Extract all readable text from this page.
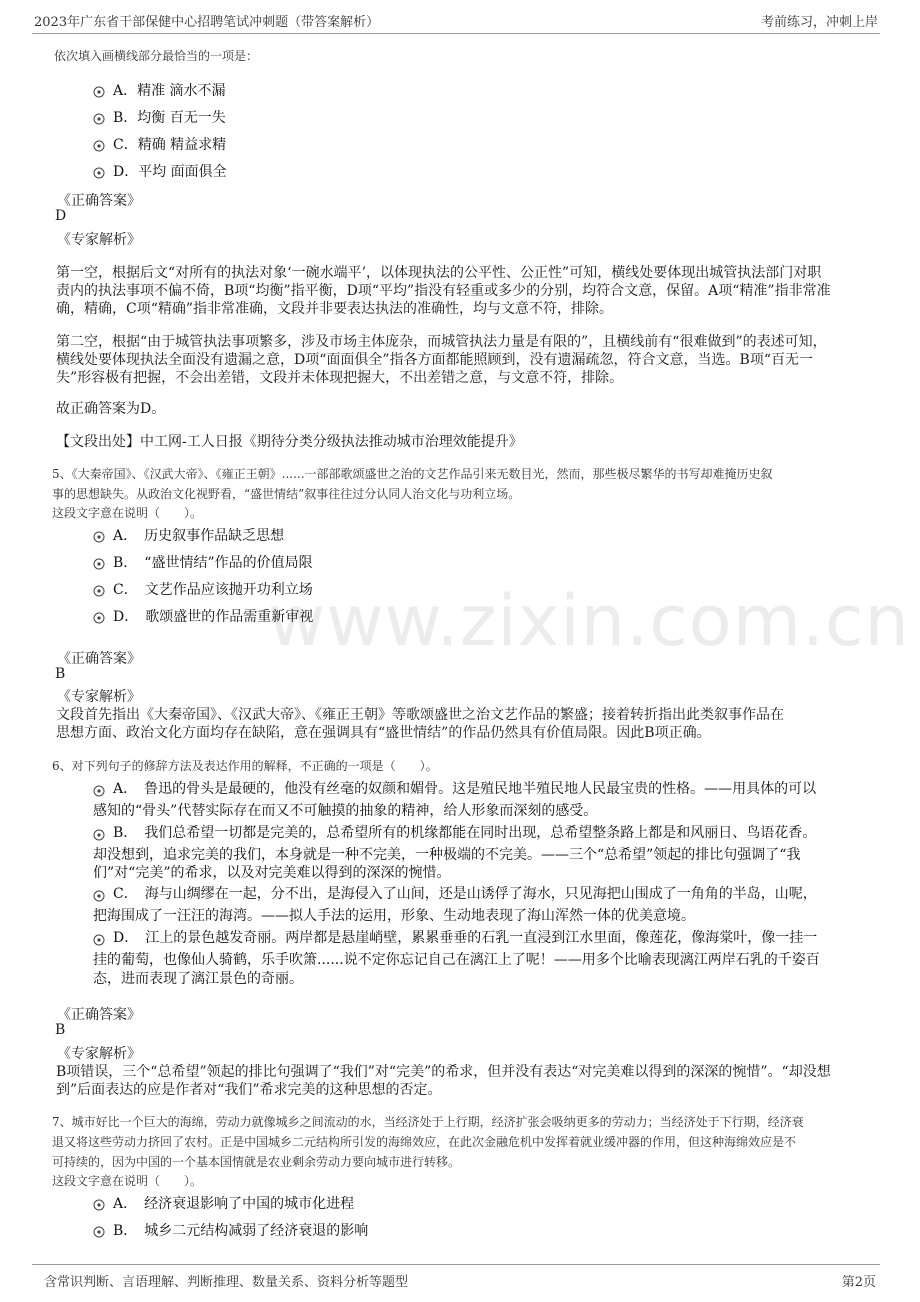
2023年广东省干部保健中心招聘笔试冲刺题（带答案解析）	考前练习，冲刺上岸
www.zixin.com.cn
依次填入画横线部分最恰当的一项是：
A．精准 滴水不漏
B．均衡 百无一失
C．精确 精益求精
D．平均 面面俱全
《正确答案》
D
《专家解析》
第一空，根据后文“对所有的执法对象‘一碗水端平’，以体现执法的公平性、公正性”可知，横线处要体现出城管执法部门对职
责内的执法事项不偏不倚，B项“均衡”指平衡，D项“平均”指没有轻重或多少的分别，均符合文意，保留。A项“精准”指非常准
确，精确，C项“精确”指非常准确，文段并非要表达执法的准确性，均与文意不符，排除。
第二空，根据“由于城管执法事项繁多，涉及市场主体庞杂，而城管执法力量是有限的”，且横线前有“很难做到”的表述可知，
横线处要体现执法全面没有遗漏之意，D项“面面俱全”指各方面都能照顾到，没有遗漏疏忽，符合文意，当选。B项“百无一
失”形容极有把握，不会出差错，文段并未体现把握大，不出差错之意，与文意不符，排除。
故正确答案为D。
【文段出处】中工网-工人日报《期待分类分级执法推动城市治理效能提升》
5、《大秦帝国》、《汉武大帝》、《雍正王朝》......一部部歌颂盛世之治的文艺作品引来无数目光，然而，那些极尽繁华的书写却难掩历史叙
事的思想缺失。从政治文化视野看，“盛世情结”叙事往往过分认同人治文化与功利立场。
这段文字意在说明（　　）。
A．　历史叙事作品缺乏思想
B．　“盛世情结”作品的价值局限
C．　文艺作品应该抛开功利立场
D．　歌颂盛世的作品需重新审视
《正确答案》
B
《专家解析》
文段首先指出《大秦帝国》、《汉武大帝》、《雍正王朝》等歌颂盛世之治文艺作品的繁盛；接着转折指出此类叙事作品在
思想方面、政治文化方面均存在缺陷，意在强调具有“盛世情结”的作品仍然具有价值局限。因此B项正确。
6、对下列句子的修辞方法及表达作用的解释，不正确的一项是（　　）。
A．　鲁迅的骨头是最硬的，他没有丝毫的奴颜和媚骨。这是殖民地半殖民地人民最宝贵的性格。——用具体的可以
感知的“骨头”代替实际存在而又不可触摸的抽象的精神，给人形象而深刻的感受。
B．　我们总希望一切都是完美的，总希望所有的机缘都能在同时出现，总希望整条路上都是和风丽日、鸟语花香。
却没想到，追求完美的我们，本身就是一种不完美，一种极端的不完美。——三个“总希望”领起的排比句强调了“我
们”对“完美”的希求，以及对完美难以得到的深深的惋惜。
C．　海与山绸缪在一起，分不出，是海侵入了山间，还是山诱俘了海水，只见海把山围成了一角角的半岛，山呢，
把海围成了一汪汪的海湾。——拟人手法的运用，形象、生动地表现了海山浑然一体的优美意境。
D．　江上的景色越发奇丽。两岸都是悬崖峭壁，累累垂垂的石乳一直浸到江水里面，像莲花，像海棠叶，像一挂一
挂的葡萄，也像仙人骑鹤，乐手吹箫......说不定你忘记自己在漓江上了呢！——用多个比喻表现漓江两岸石乳的千姿百
态，进而表现了漓江景色的奇丽。
《正确答案》
B
《专家解析》
B项错误，三个“总希望”领起的排比句强调了“我们”对“完美”的希求，但并没有表达“对完美难以得到的深深的惋惜”。“却没想
到”后面表达的应是作者对“我们”希求完美的这种思想的否定。
7、城市好比一个巨大的海绵，劳动力就像城乡之间流动的水，当经济处于上行期，经济扩张会吸纳更多的劳动力；当经济处于下行期，经济衰
退又将这些劳动力挤回了农村。正是中国城乡二元结构所引发的海绵效应，在此次金融危机中发挥着就业缓冲器的作用，但这种海绵效应是不
可持续的，因为中国的一个基本国情就是农业剩余劳动力要向城市进行转移。
这段文字意在说明（　　）。
A．　经济衰退影响了中国的城市化进程
B．　城乡二元结构减弱了经济衰退的影响
含常识判断、言语理解、判断推理、数量关系、资料分析等题型	第2页
